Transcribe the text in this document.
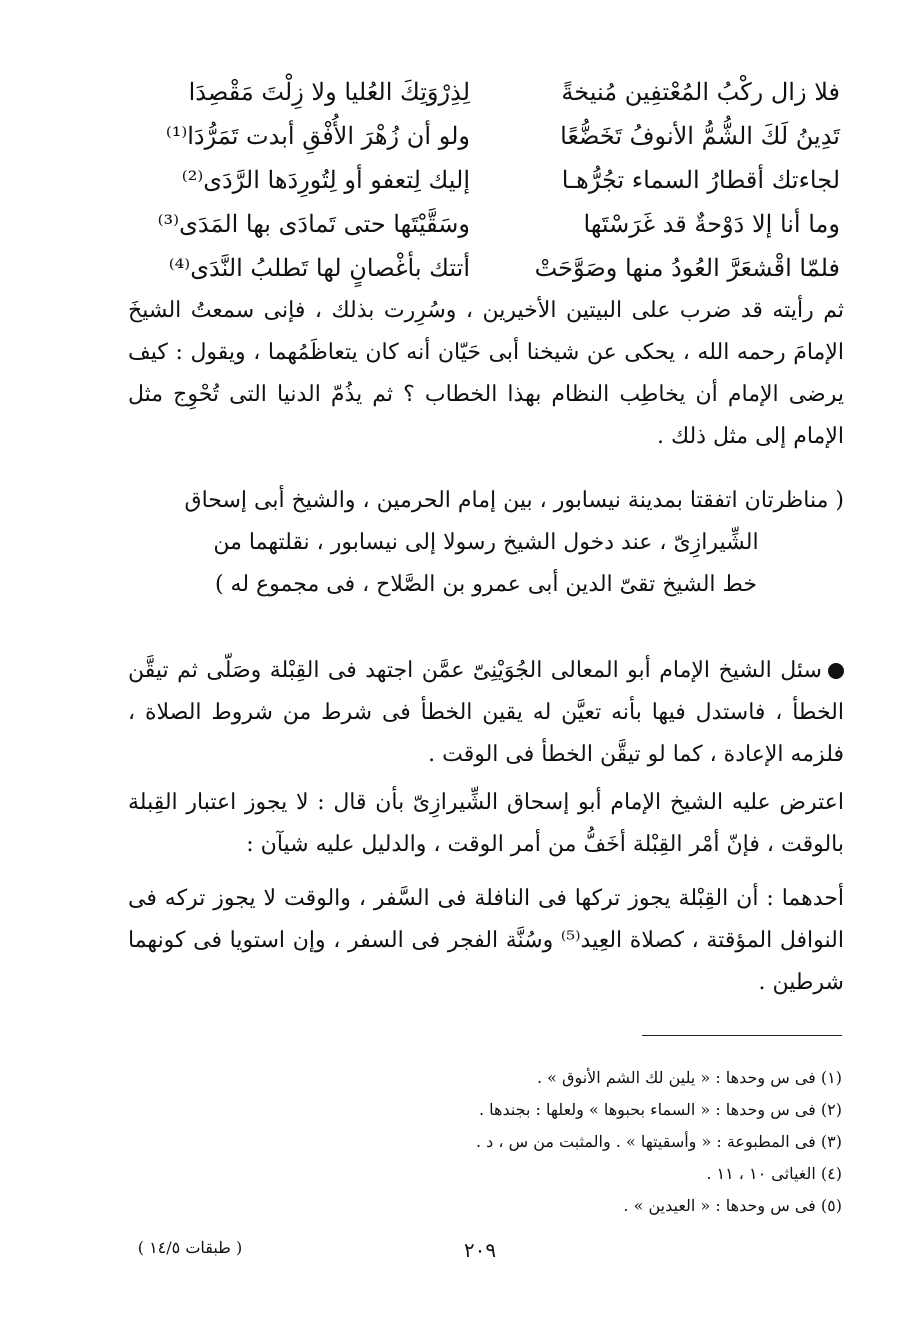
فلا زال ركْبُ المُعْتفِين مُنيخةً
لِذِرْوَتِكَ العُليا ولا زِلْتَ مَقْصِدَا
تَدِينُ لَكَ الشُّمُّ الأنوفُ تَخَضُّعًا
ولو أن زُهْرَ الأُفْقِ أبدت تَمَرُّدَا⁽¹⁾
لجاءتك أقطارُ السماء تجُرُّهـا
إليك لِتعفو أو لِتُورِدَها الرَّدَى⁽²⁾
وما أنا إلا دَوْحةٌ قد غَرَسْتَها
وسَقَّيْتَها حتى تَمادَى بها المَدَى⁽³⁾
فلمّا اقْشعَرَّ العُودُ منها وصَوَّحَتْ
أتتك بأغْصانٍ لها تَطلبُ النَّدَى⁽⁴⁾

ثم رأيته قد ضرب على البيتين الأخيرين ، وسُرِرت بذلك ، فإنى سمعتُ الشيخَ الإمامَ رحمه الله ، يحكى عن شيخنا أبى حَيّان أنه كان يتعاظَمُهما ، ويقول : كيف يرضى الإمام أن يخاطِب النظام بهذا الخطاب ؟ ثم يذُمّ الدنيا التى تُحْوِج مثل الإمام إلى مثل ذلك .

( مناظرتان اتفقتا بمدينة نيسابور ، بين إمام الحرمين ، والشيخ أبى إسحاق
الشِّيرازِىّ ، عند دخول الشيخ رسولا إلى نيسابور ، نقلتهما من
خط الشيخ تقىّ الدين أبى عمرو بن الصَّلاح ، فى مجموع له )

سئل الشيخ الإمام أبو المعالى الجُوَيْنِىّ عمَّن اجتهد فى القِبْلة وصَلّى ثم تيقَّن الخطأ ، فاستدل فيها بأنه تعيَّن له يقين الخطأ فى شرط من شروط الصلاة ، فلزمه الإعادة ، كما لو تيقَّن الخطأ فى الوقت .

اعترض عليه الشيخ الإمام أبو إسحاق الشِّيرازِىّ بأن قال : لا يجوز اعتبار القِبلة بالوقت ، فإنّ أمْر القِبْلة أخَفُّ من أمر الوقت ، والدليل عليه شيآن :

أحدهما : أن القِبْلة يجوز تركها فى النافلة فى السَّفر ، والوقت لا يجوز تركه فى النوافل المؤقتة ، كصلاة العِيد⁽⁵⁾ وسُنَّة الفجر فى السفر ، وإن استويا فى كونهما شرطين .

(١) فى س وحدها : « يلين لك الشم الأنوق » .
(٢) فى س وحدها : « السماء بحبوها » ولعلها : بجندها .
(٣) فى المطبوعة : « وأسقيتها » . والمثبت من س ، د .
(٤) الغياثى ١٠ ، ١١ .
(٥) فى س وحدها : « العيدين » .
٢٠٩
( طبقات ١٤/٥ )
